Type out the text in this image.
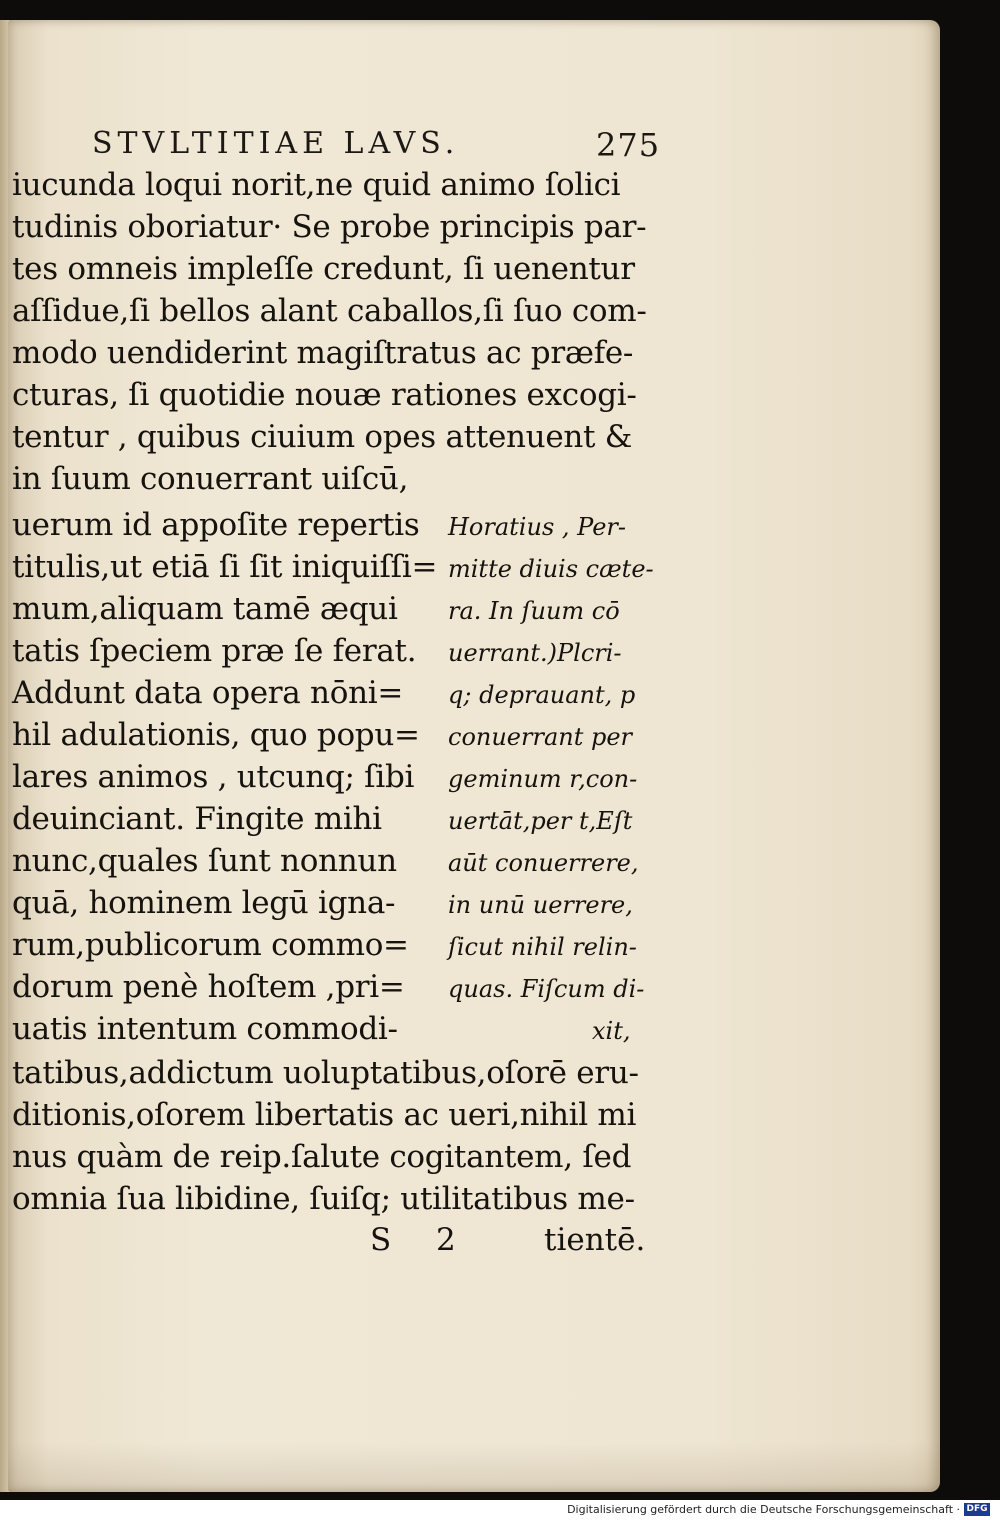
STVLTITIAE LAVS.	275
iucunda loqui norit,ne quid animo ſolici
tudinis oboriatur· Se probe principis par-
tes omneis impleſſe credunt, ſi uenentur
aſſidue,ſi bellos alant caballos,ſi ſuo com-
modo uendiderint magiſtratus ac præfe-
cturas, ſi quotidie nouæ rationes excogi-
tentur , quibus ciuium opes attenuent &
in ſuum conuerrant uiſcū,
uerum id appoſite repertis
titulis,ut etiā ſi ſit iniquiſſi=
mum,aliquam tamē æqui
tatis ſpeciem præ ſe ferat.
Addunt data opera nōni=
hil adulationis, quo popu=
lares animos , utcunq; ſibi
deuinciant. Fingite mihi
nunc,quales ſunt nonnun
quā, hominem legū igna-
rum,publicorum commo=
dorum penè hoſtem ,pri=
uatis intentum commodi-
Horatius , Per-
mitte diuis cæte-
ra. In ſuum cō
uerrant.)Plcri-
q; deprauant, p
conuerrant per
geminum r,con-
uertāt,per t,Eſt
aūt conuerrere,
in unū uerrere,
ſicut nihil relin-
quas. Fiſcum di-
xit,
tatibus,addictum uoluptatibus,oſorē eru-
ditionis,oſorem libertatis ac ueri,nihil mi
nus quàm de reip.ſalute cogitantem, ſed
omnia ſua libidine, ſuiſq; utilitatibus me-
S 2	tientē.
Digitalisierung gefördert durch die Deutsche Forschungsgemeinschaft · DFG
